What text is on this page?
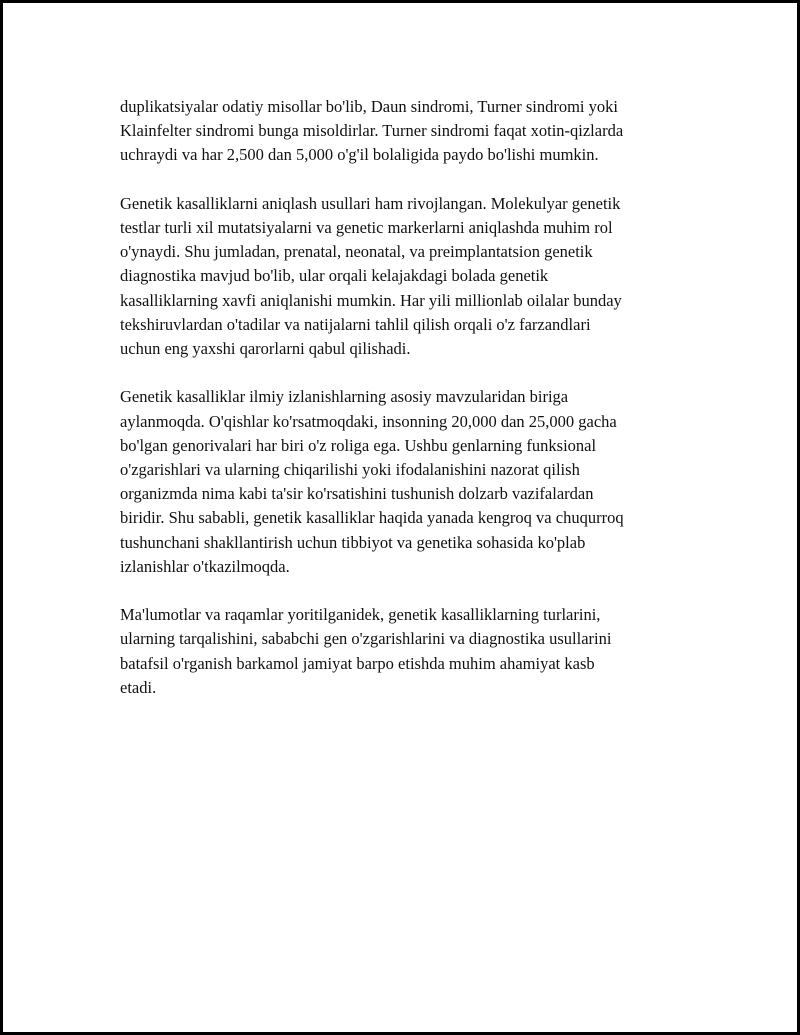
duplikatsiyalar odatiy misollar bo'lib, Daun sindromi, Turner sindromi yoki
Klainfelter sindromi bunga misoldirlar. Turner sindromi faqat xotin-qizlarda
uchraydi va har 2,500 dan 5,000 o'g'il bolaligida paydo bo'lishi mumkin.

Genetik kasalliklarni aniqlash usullari ham rivojlangan. Molekulyar genetik
testlar turli xil mutatsiyalarni va genetic markerlarni aniqlashda muhim rol
o'ynaydi. Shu jumladan, prenatal, neonatal, va preimplantatsion genetik
diagnostika mavjud bo'lib, ular orqali kelajakdagi bolada genetik
kasalliklarning xavfi aniqlanishi mumkin. Har yili millionlab oilalar bunday
tekshiruvlardan o'tadilar va natijalarni tahlil qilish orqali o'z farzandlari
uchun eng yaxshi qarorlarni qabul qilishadi.

Genetik kasalliklar ilmiy izlanishlarning asosiy mavzularidan biriga
aylanmoqda. O'qishlar ko'rsatmoqdaki, insonning 20,000 dan 25,000 gacha
bo'lgan genorivalari har biri o'z roliga ega. Ushbu genlarning funksional
o'zgarishlari va ularning chiqarilishi yoki ifodalanishini nazorat qilish
organizmda nima kabi ta'sir ko'rsatishini tushunish dolzarb vazifalardan
biridir. Shu sababli, genetik kasalliklar haqida yanada kengroq va chuqurroq
tushunchani shakllantirish uchun tibbiyot va genetika sohasida ko'plab
izlanishlar o'tkazilmoqda.

Ma'lumotlar va raqamlar yoritilganidek, genetik kasalliklarning turlarini,
ularning tarqalishini, sababchi gen o'zgarishlarini va diagnostika usullarini
batafsil o'rganish barkamol jamiyat barpo etishda muhim ahamiyat kasb
etadi.
